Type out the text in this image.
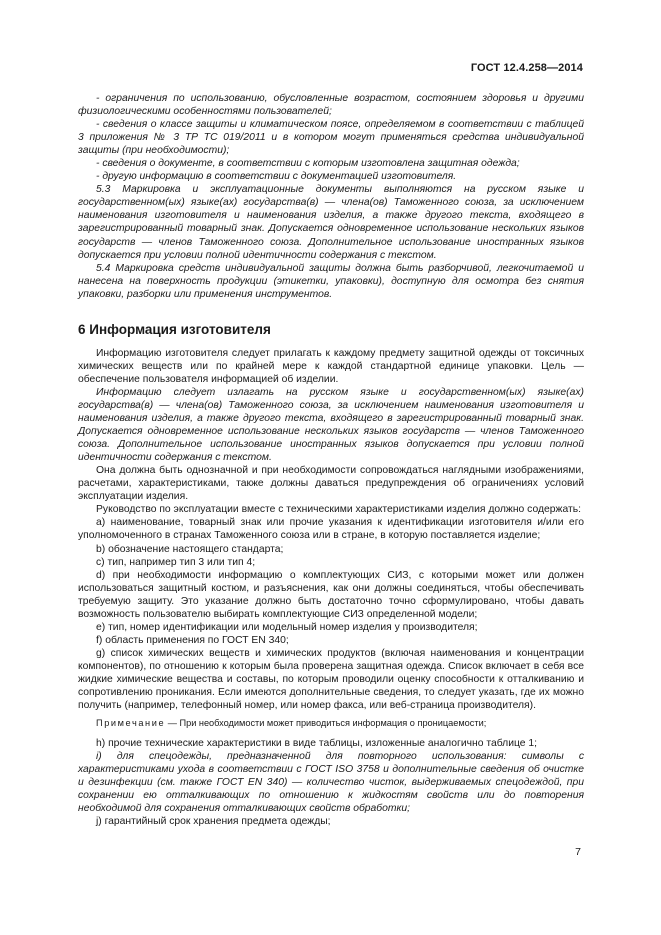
ГОСТ 12.4.258—2014

- ограничения по использованию, обусловленные возрастом, состоянием здоровья и другими физиологическими особенностями пользователей;

- сведения о классе защиты и климатическом поясе, определяемом в соответствии с таблицей 3 приложения № 3 ТР ТС 019/2011 и в котором могут применяться средства индивидуальной защиты (при необходимости);

- сведения о документе, в соответствии с которым изготовлена защитная одежда;

- другую информацию в соответствии с документацией изготовителя.

5.3 Маркировка и эксплуатационные документы выполняются на русском языке и государственном(ых) языке(ах) государства(в) — члена(ов) Таможенного союза, за исключением наименования изготовителя и наименования изделия, а также другого текста, входящего в зарегистрированный товарный знак. Допускается одновременное использование нескольких языков государств — членов Таможенного союза. Дополнительное использование иностранных языков допускается при условии полной идентичности содержания с текстом.

5.4 Маркировка средств индивидуальной защиты должна быть разборчивой, легкочитаемой и нанесена на поверхность продукции (этикетки, упаковки), доступную для осмотра без снятия упаковки, разборки или применения инструментов.

6 Информация изготовителя

Информацию изготовителя следует прилагать к каждому предмету защитной одежды от токсичных химических веществ или по крайней мере к каждой стандартной единице упаковки. Цель — обеспечение пользователя информацией об изделии.

Информацию следует излагать на русском языке и государственном(ых) языке(ах) государства(в) — члена(ов) Таможенного союза, за исключением наименования изготовителя и наименования изделия, а также другого текста, входящего в зарегистрированный товарный знак. Допускается одновременное использование нескольких языков государств — членов Таможенного союза. Дополнительное использование иностранных языков допускается при условии полной идентичности содержания с текстом.

Она должна быть однозначной и при необходимости сопровождаться наглядными изображениями, расчетами, характеристиками, также должны даваться предупреждения об ограничениях условий эксплуатации изделия.

Руководство по эксплуатации вместе с техническими характеристиками изделия должно содержать:

a) наименование, товарный знак или прочие указания к идентификации изготовителя и/или его уполномоченного в странах Таможенного союза или в стране, в которую поставляется изделие;

b) обозначение настоящего стандарта;

c) тип, например тип 3 или тип 4;

d) при необходимости информацию о комплектующих СИЗ, с которыми может или должен использоваться защитный костюм, и разъяснения, как они должны соединяться, чтобы обеспечивать требуемую защиту. Это указание должно быть достаточно точно сформулировано, чтобы давать возможность пользователю выбирать комплектующие СИЗ определенной модели;

e) тип, номер идентификации или модельный номер изделия у производителя;

f) область применения по ГОСТ EN 340;

g) список химических веществ и химических продуктов (включая наименования и концентрации компонентов), по отношению к которым была проверена защитная одежда. Список включает в себя все жидкие химические вещества и составы, по которым проводили оценку способности к отталкиванию и сопротивлению проникания. Если имеются дополнительные сведения, то следует указать, где их можно получить (например, телефонный номер, или номер факса, или веб-страница производителя).

Примечание — При необходимости может приводиться информация о проницаемости;

h) прочие технические характеристики в виде таблицы, изложенные аналогично таблице 1;

i) для спецодежды, предназначенной для повторного использования: символы с характеристиками ухода в соответствии с ГОСТ ISO 3758 и дополнительные сведения об очистке и дезинфекции (см. также ГОСТ EN 340) — количество чисток, выдерживаемых спецодеждой, при сохранении ею отталкивающих по отношению к жидкостям свойств или до повторения необходимой для сохранения отталкивающих свойств обработки;

j) гарантийный срок хранения предмета одежды;

7
